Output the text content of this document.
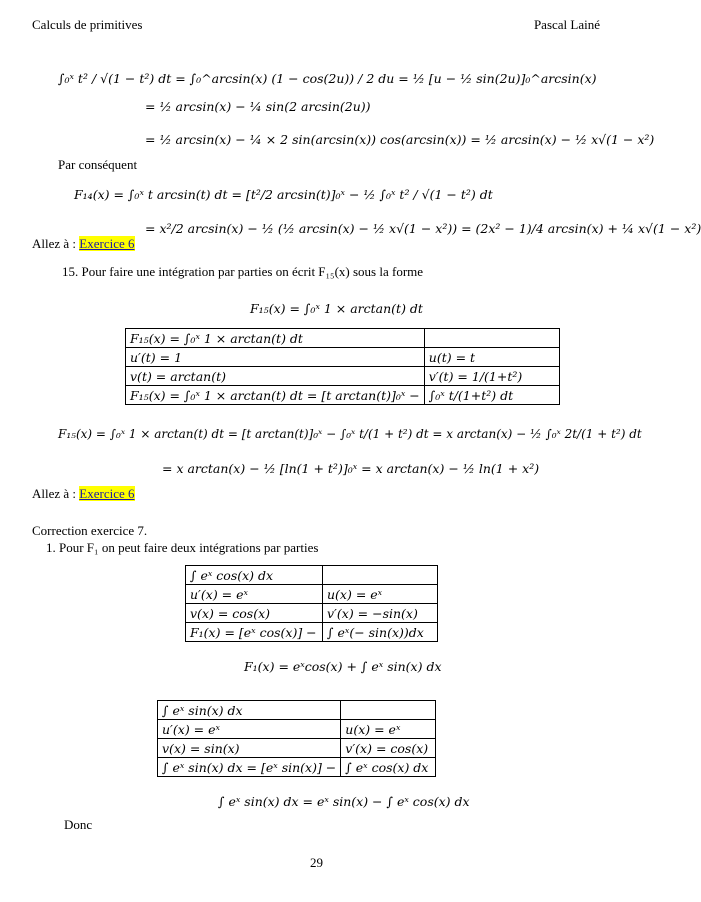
Calculs de primitives	Pascal Lainé
∫₀ˣ t² / √(1 − t²) dt = ∫₀^arcsin(x) (1 − cos(2u)) / 2 du = ½ [u − ½ sin(2u)]₀^arcsin(x)
= ½ arcsin(x) − ¼ sin(2 arcsin(2u))
= ½ arcsin(x) − ¼ × 2 sin(arcsin(x)) cos(arcsin(x)) = ½ arcsin(x) − ½ x√(1 − x²)
Par conséquent
F₁₄(x) = ∫₀ˣ t arcsin(t) dt = [t²/2 arcsin(t)]₀ˣ − ½ ∫₀ˣ t² / √(1 − t²) dt
= x²/2 arcsin(x) − ½ (½ arcsin(x) − ½ x√(1 − x²)) = (2x² − 1)/4 arcsin(x) + ¼ x√(1 − x²)
Allez à : Exercice 6
15. Pour faire une intégration par parties on écrit F₁₅(x) sous la forme
F₁₅(x) = ∫₀ˣ 1 × arctan(t) dt
F₁₅(x) = ∫₀ˣ 1 × arctan(t) dt	
u′(t) = 1	u(t) = t
v(t) = arctan(t)	v′(t) = 1/(1+t²)
F₁₅(x) = ∫₀ˣ 1 × arctan(t) dt = [t arctan(t)]₀ˣ −	∫₀ˣ t/(1+t²) dt
F₁₅(x) = ∫₀ˣ 1 × arctan(t) dt = [t arctan(t)]₀ˣ − ∫₀ˣ t/(1 + t²) dt = x arctan(x) − ½ ∫₀ˣ 2t/(1 + t²) dt
= x arctan(x) − ½ [ln(1 + t²)]₀ˣ = x arctan(x) − ½ ln(1 + x²)
Allez à : Exercice 6
Correction exercice 7.
1. Pour F₁ on peut faire deux intégrations par parties
∫ eˣ cos(x) dx	
u′(x) = eˣ	u(x) = eˣ
v(x) = cos(x)	v′(x) = −sin(x)
F₁(x) = [eˣ cos(x)] −	∫ eˣ(− sin(x))dx
F₁(x) = eˣcos(x) + ∫ eˣ sin(x) dx
∫ eˣ sin(x) dx	
u′(x) = eˣ	u(x) = eˣ
v(x) = sin(x)	v′(x) = cos(x)
∫ eˣ sin(x) dx = [eˣ sin(x)] −	∫ eˣ cos(x) dx
∫ eˣ sin(x) dx = eˣ sin(x) − ∫ eˣ cos(x) dx
Donc
29
